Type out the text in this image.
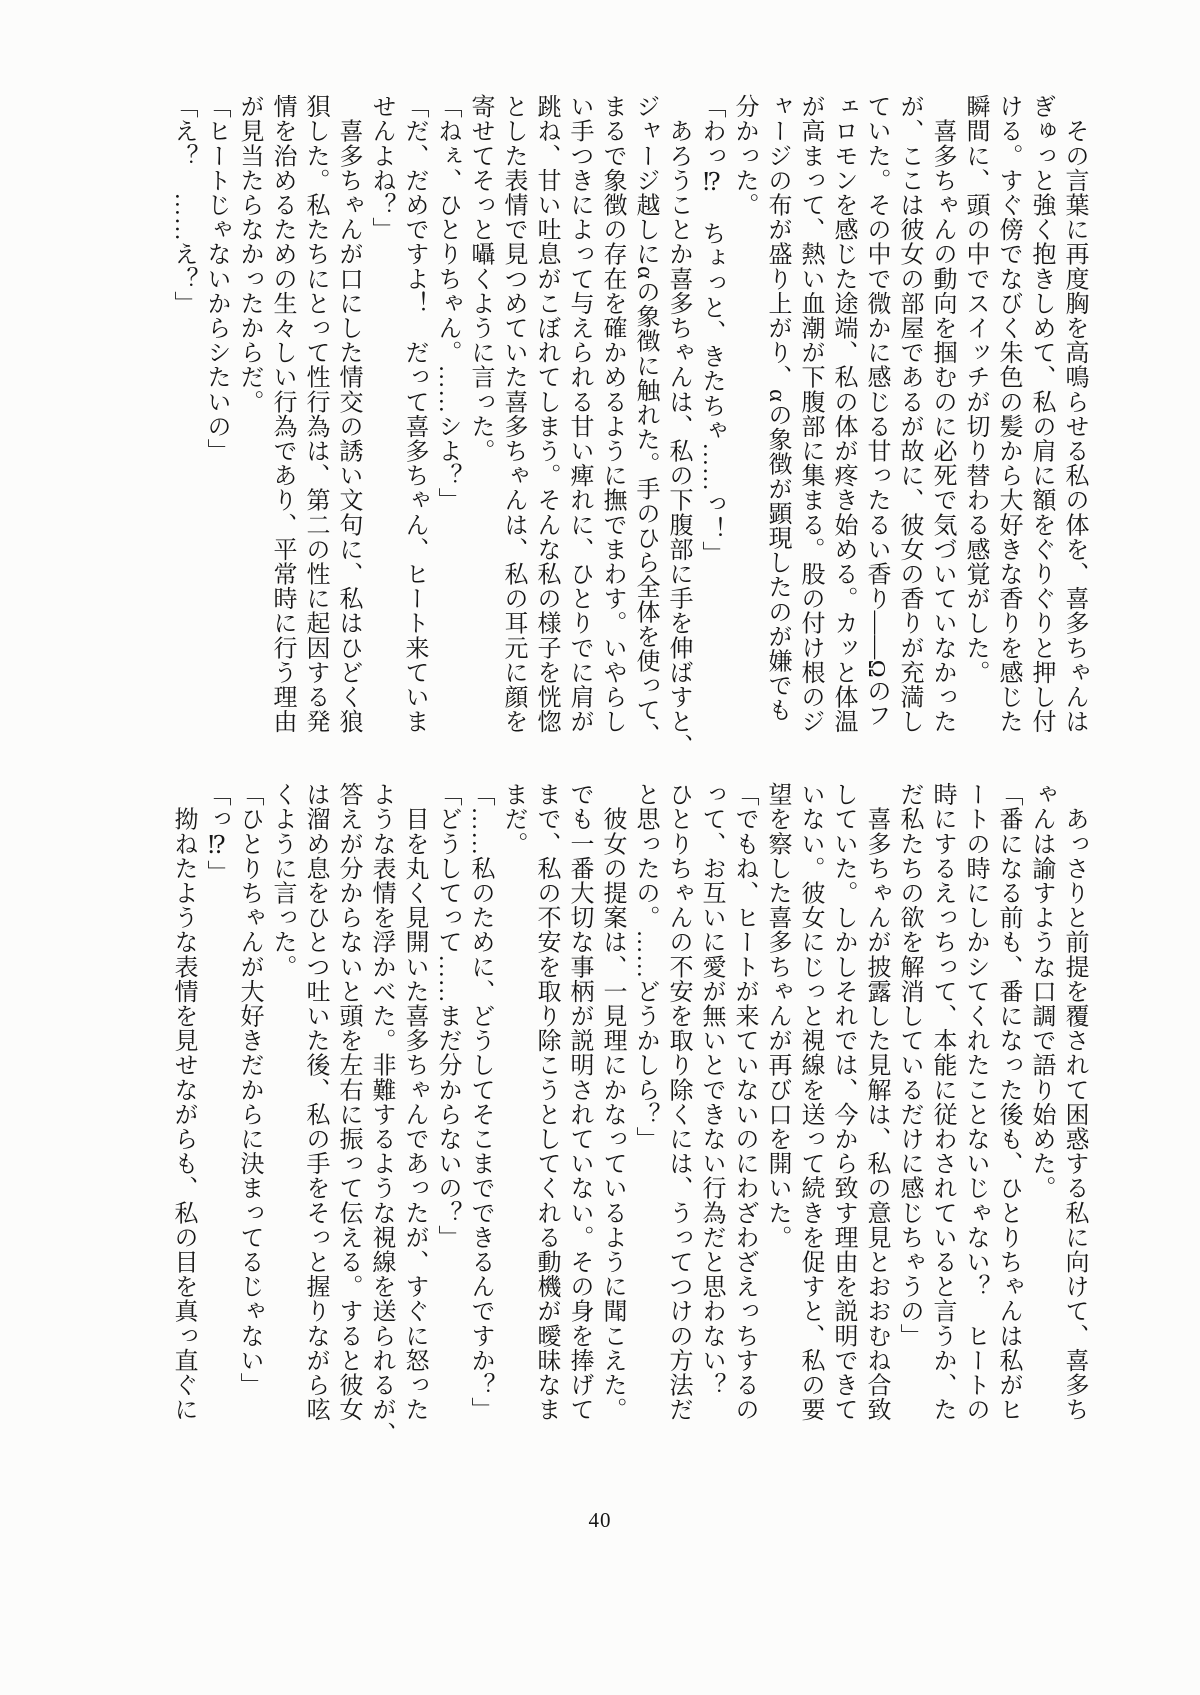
　その言葉に再度胸を高鳴らせる私の体を、喜多ちゃんは

ぎゅっと強く抱きしめて、私の肩に額をぐりぐりと押し付

ける。すぐ傍でなびく朱色の髪から大好きな香りを感じた

瞬間に、頭の中でスイッチが切り替わる感覚がした。

　喜多ちゃんの動向を掴むのに必死で気づいていなかった

が、ここは彼女の部屋であるが故に、彼女の香りが充満し

ていた。その中で微かに感じる甘ったるい香り――Ωのフ

ェロモンを感じた途端、私の体が疼き始める。カッと体温

が高まって、熱い血潮が下腹部に集まる。股の付け根のジ

ャージの布が盛り上がり、αの象徴が顕現したのが嫌でも

分かった。

「わっ⁉　ちょっと、きたちゃ……っ！」

　あろうことか喜多ちゃんは、私の下腹部に手を伸ばすと、

ジャージ越しにαの象徴に触れた。手のひら全体を使って、

まるで象徴の存在を確かめるように撫でまわす。いやらし

い手つきによって与えられる甘い痺れに、ひとりでに肩が

跳ね、甘い吐息がこぼれてしまう。そんな私の様子を恍惚

とした表情で見つめていた喜多ちゃんは、私の耳元に顔を

寄せてそっと囁くように言った。

「ねぇ、ひとりちゃん。……シよ？」

「だ、だめですよ！　だって喜多ちゃん、ヒート来ていま

せんよね？」

　喜多ちゃんが口にした情交の誘い文句に、私はひどく狼

狽した。私たちにとって性行為は、第二の性に起因する発

情を治めるための生々しい行為であり、平常時に行う理由

が見当たらなかったからだ。

「ヒートじゃないからシたいの」

「え？　……え？」

　あっさりと前提を覆されて困惑する私に向けて、喜多ち

ゃんは諭すような口調で語り始めた。

「番になる前も、番になった後も、ひとりちゃんは私がヒ

ートの時にしかシてくれたことないじゃない？　ヒートの

時にするえっちって、本能に従わされていると言うか、た

だ私たちの欲を解消しているだけに感じちゃうの」

　喜多ちゃんが披露した見解は、私の意見とおおむね合致

していた。しかしそれでは、今から致す理由を説明できて

いない。彼女にじっと視線を送って続きを促すと、私の要

望を察した喜多ちゃんが再び口を開いた。

「でもね、ヒートが来ていないのにわざわざえっちするの

って、お互いに愛が無いとできない行為だと思わない？

ひとりちゃんの不安を取り除くには、うってつけの方法だ

と思ったの。……どうかしら？」

　彼女の提案は、一見理にかなっているように聞こえた。

でも一番大切な事柄が説明されていない。その身を捧げて

まで、私の不安を取り除こうとしてくれる動機が曖昧なま

まだ。

「……私のために、どうしてそこまでできるんですか？」

「どうしてって……まだ分からないの？」

　目を丸く見開いた喜多ちゃんであったが、すぐに怒った

ような表情を浮かべた。非難するような視線を送られるが、

答えが分からないと頭を左右に振って伝える。すると彼女

は溜め息をひとつ吐いた後、私の手をそっと握りながら呟

くように言った。

「ひとりちゃんが大好きだからに決まってるじゃない」

「っ⁉」

　拗ねたような表情を見せながらも、私の目を真っ直ぐに

40
